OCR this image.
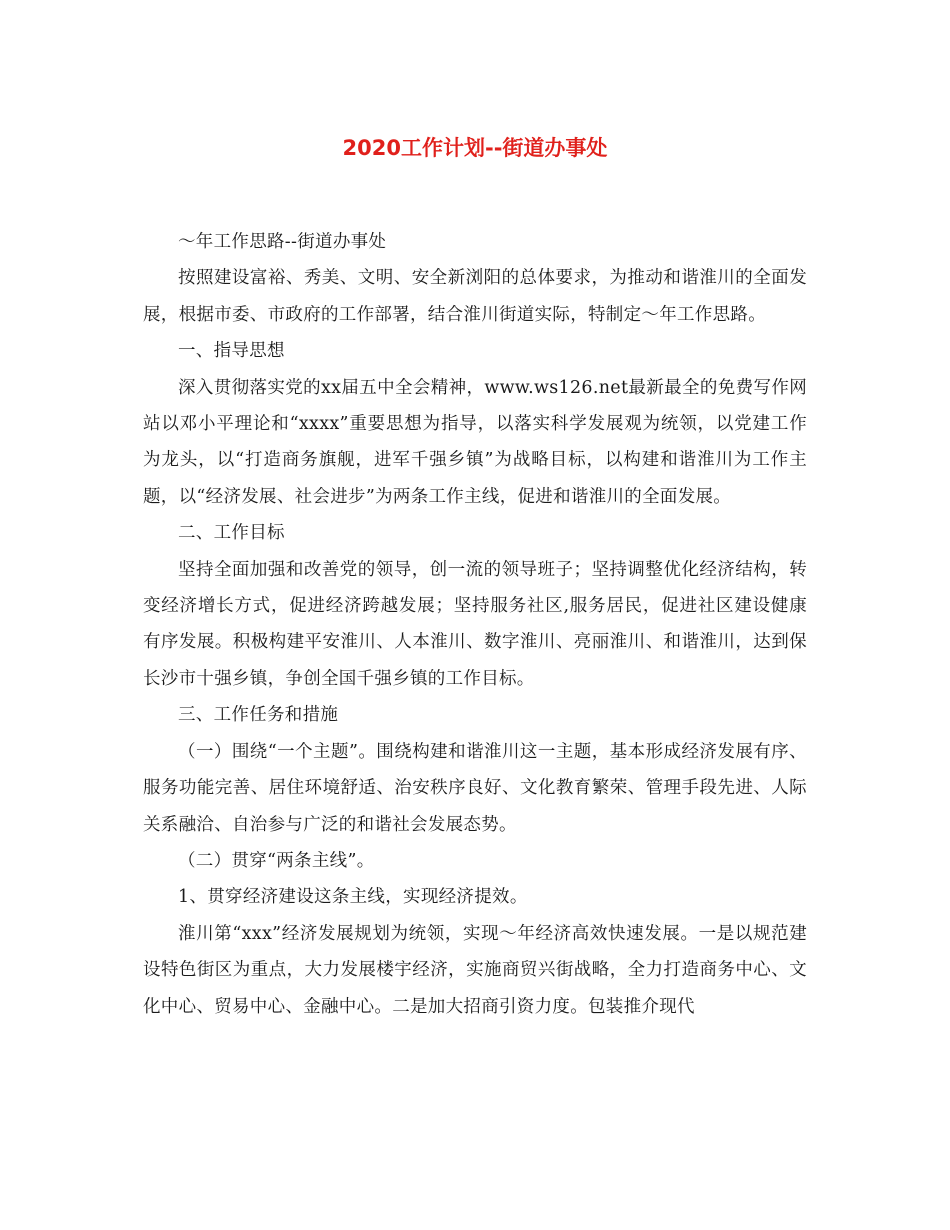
2020工作计划--街道办事处

～年工作思路--街道办事处

按照建设富裕、秀美、文明、安全新浏阳的总体要求，为推动和谐淮川的全面发展，根据市委、市政府的工作部署，结合淮川街道实际，特制定～年工作思路。

一、指导思想

深入贯彻落实党的xx届五中全会精神，www.ws126.net最新最全的免费写作网站以邓小平理论和“xxxx”重要思想为指导，以落实科学发展观为统领，以党建工作为龙头，以“打造商务旗舰，进军千强乡镇”为战略目标，以构建和谐淮川为工作主题，以“经济发展、社会进步”为两条工作主线，促进和谐淮川的全面发展。

二、工作目标

坚持全面加强和改善党的领导，创一流的领导班子；坚持调整优化经济结构，转变经济增长方式，促进经济跨越发展；坚持服务社区,服务居民，促进社区建设健康有序发展。积极构建平安淮川、人本淮川、数字淮川、亮丽淮川、和谐淮川，达到保长沙市十强乡镇，争创全国千强乡镇的工作目标。

三、工作任务和措施

（一）围绕“一个主题”。围绕构建和谐淮川这一主题，基本形成经济发展有序、服务功能完善、居住环境舒适、治安秩序良好、文化教育繁荣、管理手段先进、人际关系融洽、自治参与广泛的和谐社会发展态势。

（二）贯穿“两条主线”。

1、贯穿经济建设这条主线，实现经济提效。

淮川第“xxx”经济发展规划为统领，实现～年经济高效快速发展。一是以规范建设特色街区为重点，大力发展楼宇经济，实施商贸兴街战略，全力打造商务中心、文化中心、贸易中心、金融中心。二是加大招商引资力度。包装推介现代
